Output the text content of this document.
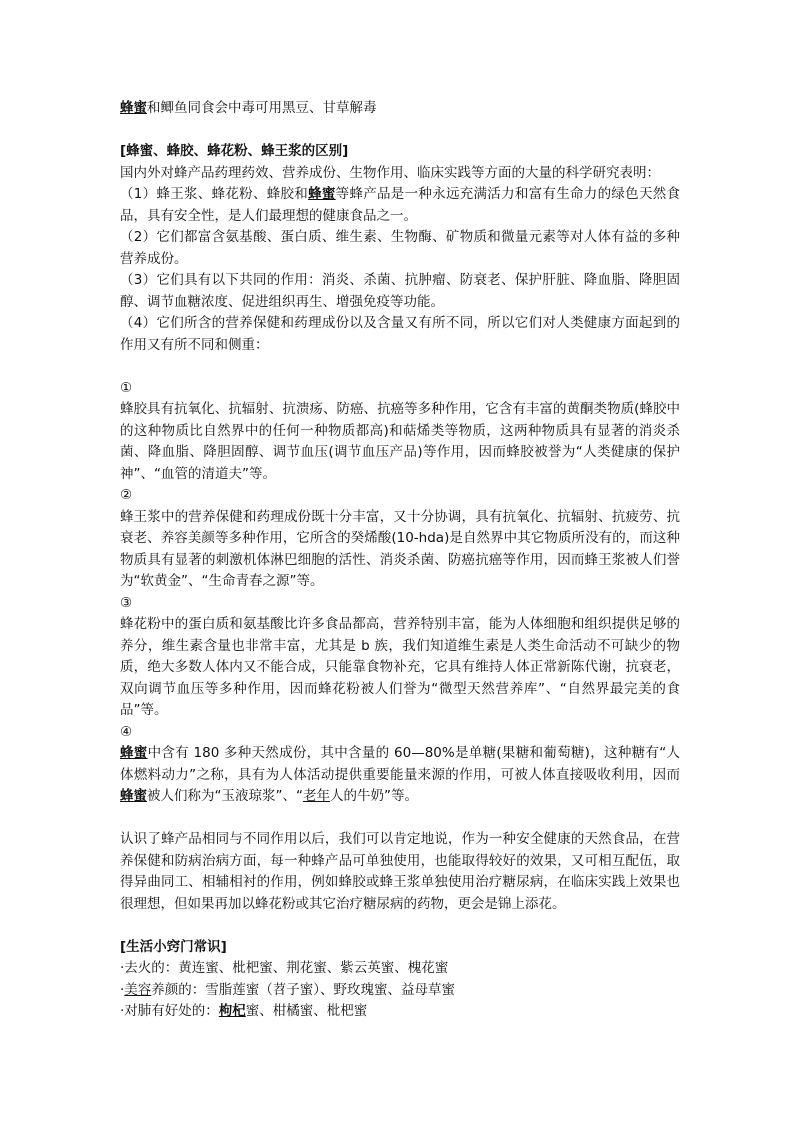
蜂蜜和鲫鱼同食会中毒可用黑豆、甘草解毒

[蜂蜜、蜂胶、蜂花粉、蜂王浆的区别]

国内外对蜂产品药理药效、营养成份、生物作用、临床实践等方面的大量的科学研究表明：

（1）蜂王浆、蜂花粉、蜂胶和蜂蜜等蜂产品是一种永远充满活力和富有生命力的绿色天然食品，具有安全性，是人们最理想的健康食品之一。

（2）它们都富含氨基酸、蛋白质、维生素、生物酶、矿物质和微量元素等对人体有益的多种营养成份。

（3）它们具有以下共同的作用：消炎、杀菌、抗肿瘤、防衰老、保护肝脏、降血脂、降胆固醇、调节血糖浓度、促进组织再生、增强免疫等功能。

（4）它们所含的营养保健和药理成份以及含量又有所不同，所以它们对人类健康方面起到的作用又有所不同和侧重：

①

蜂胶具有抗氧化、抗辐射、抗溃疡、防癌、抗癌等多种作用，它含有丰富的黄酮类物质(蜂胶中的这种物质比自然界中的任何一种物质都高)和萜烯类等物质，这两种物质具有显著的消炎杀菌、降血脂、降胆固醇、调节血压(调节血压产品)等作用，因而蜂胶被誉为“人类健康的保护神”、“血管的清道夫”等。

②

蜂王浆中的营养保健和药理成份既十分丰富，又十分协调，具有抗氧化、抗辐射、抗疲劳、抗衰老、养容美颜等多种作用，它所含的癸烯酸(10-hda)是自然界中其它物质所没有的，而这种物质具有显著的刺激机体淋巴细胞的活性、消炎杀菌、防癌抗癌等作用，因而蜂王浆被人们誉为“软黄金”、“生命青春之源”等。

③

蜂花粉中的蛋白质和氨基酸比许多食品都高，营养特别丰富，能为人体细胞和组织提供足够的养分，维生素含量也非常丰富，尤其是 b 族，我们知道维生素是人类生命活动不可缺少的物质，绝大多数人体内又不能合成，只能靠食物补充，它具有维持人体正常新陈代谢，抗衰老，双向调节血压等多种作用，因而蜂花粉被人们誉为“微型天然营养库”、“自然界最完美的食品”等。

④

蜂蜜中含有 180 多种天然成份，其中含量的 60—80%是单糖(果糖和葡萄糖)，这种糖有“人体燃料动力”之称，具有为人体活动提供重要能量来源的作用，可被人体直接吸收利用，因而蜂蜜被人们称为“玉液琼浆”、“老年人的牛奶”等。

认识了蜂产品相同与不同作用以后，我们可以肯定地说，作为一种安全健康的天然食品，在营养保健和防病治病方面，每一种蜂产品可单独使用，也能取得较好的效果，又可相互配伍，取得异曲同工、相辅相衬的作用，例如蜂胶或蜂王浆单独使用治疗糖尿病，在临床实践上效果也很理想，但如果再加以蜂花粉或其它治疗糖尿病的药物，更会是锦上添花。

[生活小窍门常识]

·去火的：黄连蜜、枇杷蜜、荆花蜜、紫云英蜜、槐花蜜

·美容养颜的：雪脂莲蜜（苕子蜜）、野玫瑰蜜、益母草蜜

·对肺有好处的：枸杞蜜、柑橘蜜、枇杷蜜
